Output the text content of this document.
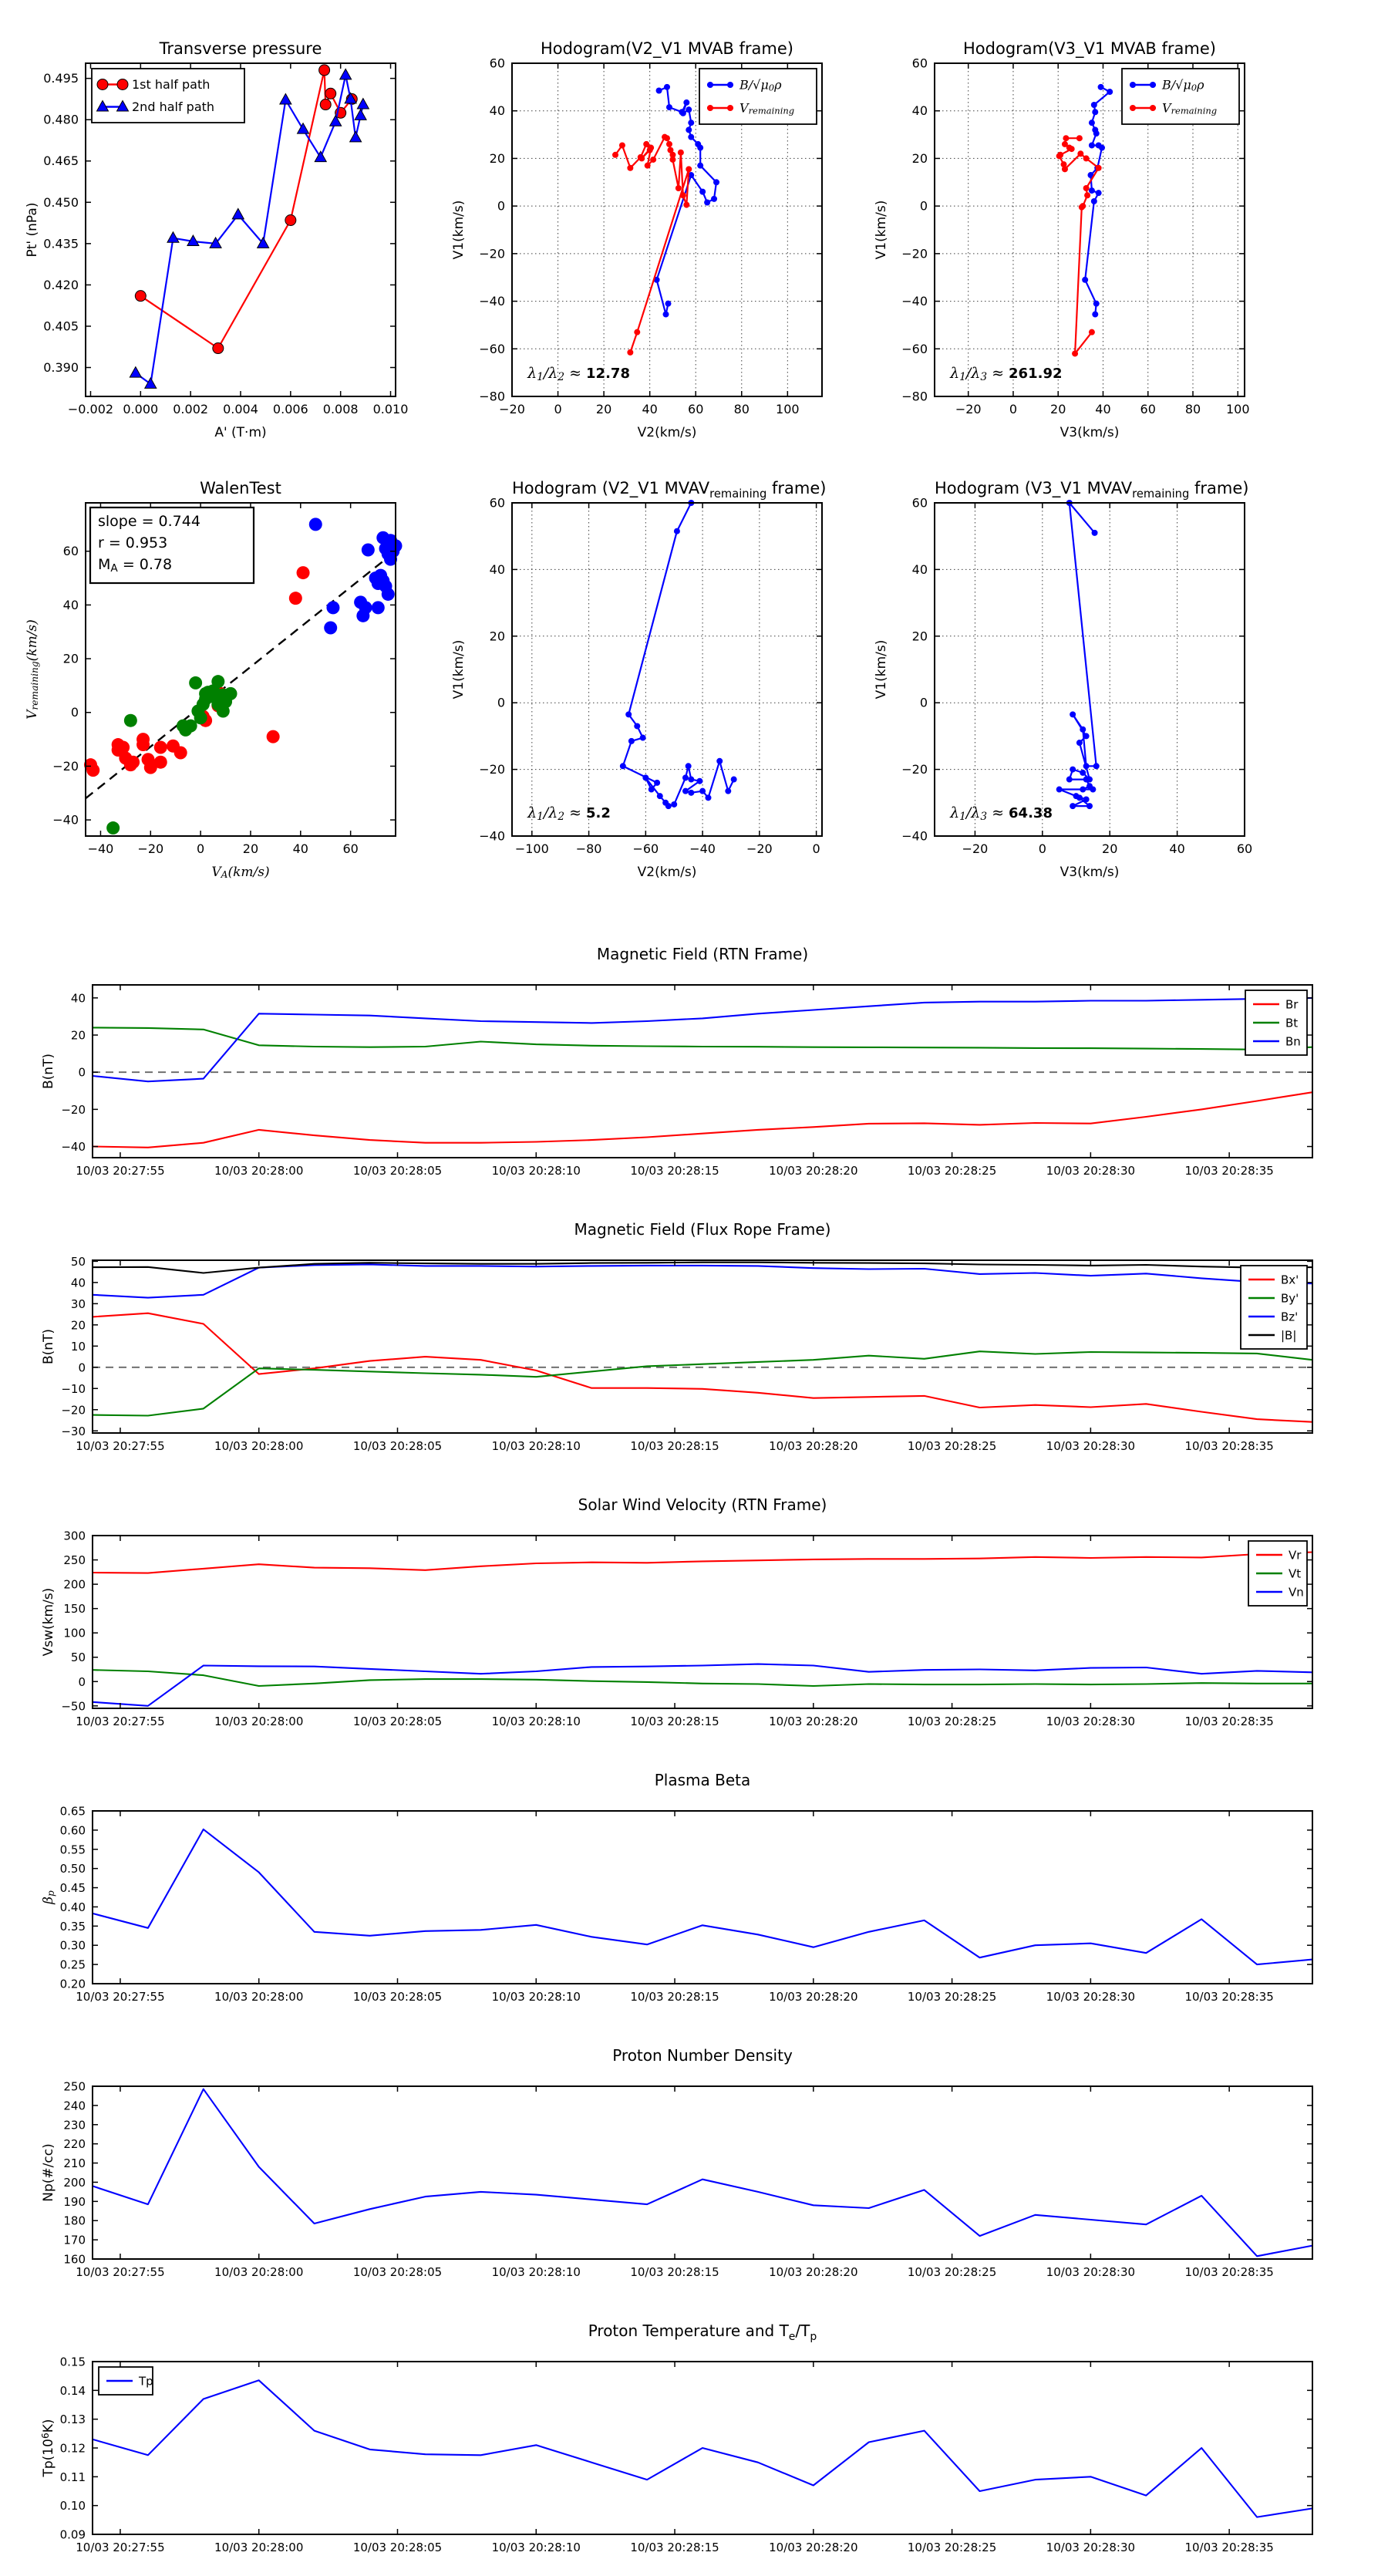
Transverse pressure
−0.002 0.000 0.002 0.004 0.006 0.008 0.010
0.390
0.405
0.420
0.435
0.450
0.465
0.480
0.495
A' (T·m)
Pt' (nPa)
1st half path
2nd half path
Hodogram(V2_V1 MVAB frame)
−20 0	20 40 60 80 100
−80
−60
−40
−20
0
20
40
60
V2(km/s)
V1(km/s)
B/√μ0ρ
Vremaining
λ1/λ2 ≈ 12.78
Hodogram(V3_V1 MVAB frame)
−20 0	20 40 60 80 100
−80
−60
−40
−20
0
20
40
60
V3(km/s)
V1(km/s)
B/√μ0ρ
Vremaining
λ1/λ3 ≈ 261.92
WalenTest
−40 −20	0	20	40	60
−40
−20
0
20
40
60
VA(km/s)
Vremaining(km/s)
slope = 0.744
r = 0.953
MA = 0.78
Hodogram (V2_V1 $MVAV_{remaining}$ frame)
−100 −80 −60 −40 −20	0
−40
−20
0
20
40
60
V2(km/s)
V1(km/s)
λ1/λ2 ≈ 5.2
Hodogram (V3_V1 $MVAV_{remaining}$ frame)
−20	0	20	40	60
−40
−20
0
20
40
60
V3(km/s)
V1(km/s)
λ1/λ3 ≈ 64.38
Magnetic Field (RTN Frame)
10/03 20:27:55	10/03 20:28:00	10/03 20:28:05	10/03 20:28:10	10/03 20:28:15	10/03 20:28:20	10/03 20:28:25	10/03 20:28:30	10/03 20:28:35
−40
−20
0
20
40
B(nT)
Br
Bt
Bn
Magnetic Field (Flux Rope Frame)
10/03 20:27:55	10/03 20:28:00	10/03 20:28:05	10/03 20:28:10	10/03 20:28:15	10/03 20:28:20	10/03 20:28:25	10/03 20:28:30	10/03 20:28:35
−30
−20
−10
0
10
20
30
40
50
B(nT)
Bx'
By'
Bz'
|B|
Solar Wind Velocity (RTN Frame)
10/03 20:27:55	10/03 20:28:00	10/03 20:28:05	10/03 20:28:10	10/03 20:28:15	10/03 20:28:20	10/03 20:28:25	10/03 20:28:30	10/03 20:28:35
−50
0
50
100
150
200
250
300
Vsw(km/s)
Vr
Vt
Vn
Plasma Beta
10/03 20:27:55	10/03 20:28:00	10/03 20:28:05	10/03 20:28:10	10/03 20:28:15	10/03 20:28:20	10/03 20:28:25	10/03 20:28:30	10/03 20:28:35
0.20
0.25
0.30
0.35
0.40
0.45
0.50
0.55
0.60
0.65
βp
Proton Number Density
10/03 20:27:55	10/03 20:28:00	10/03 20:28:05	10/03 20:28:10	10/03 20:28:15	10/03 20:28:20	10/03 20:28:25	10/03 20:28:30	10/03 20:28:35
160
170
180
190
200
210
220
230
240
250
Np(#/cc)
Proton Temperature and $T_e/T_p$
10/03 20:27:55	10/03 20:28:00	10/03 20:28:05	10/03 20:28:10	10/03 20:28:15	10/03 20:28:20	10/03 20:28:25	10/03 20:28:30	10/03 20:28:35
0.09
0.10
0.11
0.12
0.13
0.14
0.15
Tp(106K)
Tp
